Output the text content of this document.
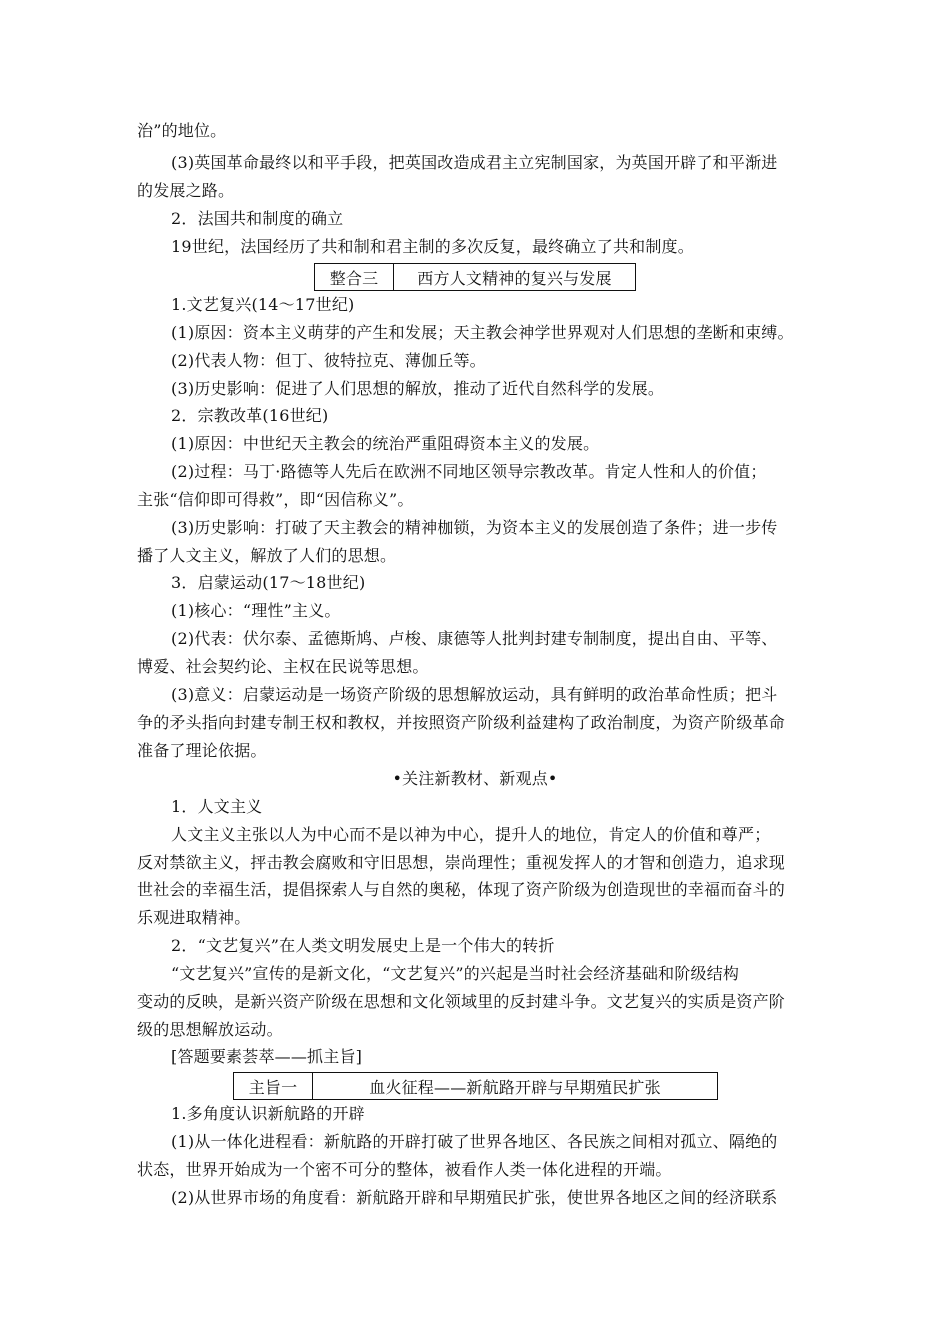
治”的地位。
(3)英国革命最终以和平手段，把英国改造成君主立宪制国家，为英国开辟了和平渐进
的发展之路。
2．法国共和制度的确立
19世纪，法国经历了共和制和君主制的多次反复，最终确立了共和制度。
整合三	西方人文精神的复兴与发展
1.文艺复兴(14～17世纪)
(1)原因：资本主义萌芽的产生和发展；天主教会神学世界观对人们思想的垄断和束缚。
(2)代表人物：但丁、彼特拉克、薄伽丘等。
(3)历史影响：促进了人们思想的解放，推动了近代自然科学的发展。
2．宗教改革(16世纪)
(1)原因：中世纪天主教会的统治严重阻碍资本主义的发展。
(2)过程：马丁·路德等人先后在欧洲不同地区领导宗教改革。肯定人性和人的价值；
主张“信仰即可得救”，即“因信称义”。
(3)历史影响：打破了天主教会的精神枷锁，为资本主义的发展创造了条件；进一步传
播了人文主义，解放了人们的思想。
3．启蒙运动(17～18世纪)
(1)核心：“理性”主义。
(2)代表：伏尔泰、孟德斯鸠、卢梭、康德等人批判封建专制制度，提出自由、平等、
博爱、社会契约论、主权在民说等思想。
(3)意义：启蒙运动是一场资产阶级的思想解放运动，具有鲜明的政治革命性质；把斗
争的矛头指向封建专制王权和教权，并按照资产阶级利益建构了政治制度，为资产阶级革命
准备了理论依据。
•关注新教材、新观点•
1．人文主义
人文主义主张以人为中心而不是以神为中心，提升人的地位，肯定人的价值和尊严；
反对禁欲主义，抨击教会腐败和守旧思想，崇尚理性；重视发挥人的才智和创造力，追求现
世社会的幸福生活，提倡探索人与自然的奥秘，体现了资产阶级为创造现世的幸福而奋斗的
乐观进取精神。
2．“文艺复兴”在人类文明发展史上是一个伟大的转折
“文艺复兴”宣传的是新文化，“文艺复兴”的兴起是当时社会经济基础和阶级结构
变动的反映，是新兴资产阶级在思想和文化领域里的反封建斗争。文艺复兴的实质是资产阶
级的思想解放运动。
[答题要素荟萃——抓主旨]
主旨一	血火征程——新航路开辟与早期殖民扩张
1.多角度认识新航路的开辟
(1)从一体化进程看：新航路的开辟打破了世界各地区、各民族之间相对孤立、隔绝的
状态，世界开始成为一个密不可分的整体，被看作人类一体化进程的开端。
(2)从世界市场的角度看：新航路开辟和早期殖民扩张，使世界各地区之间的经济联系
